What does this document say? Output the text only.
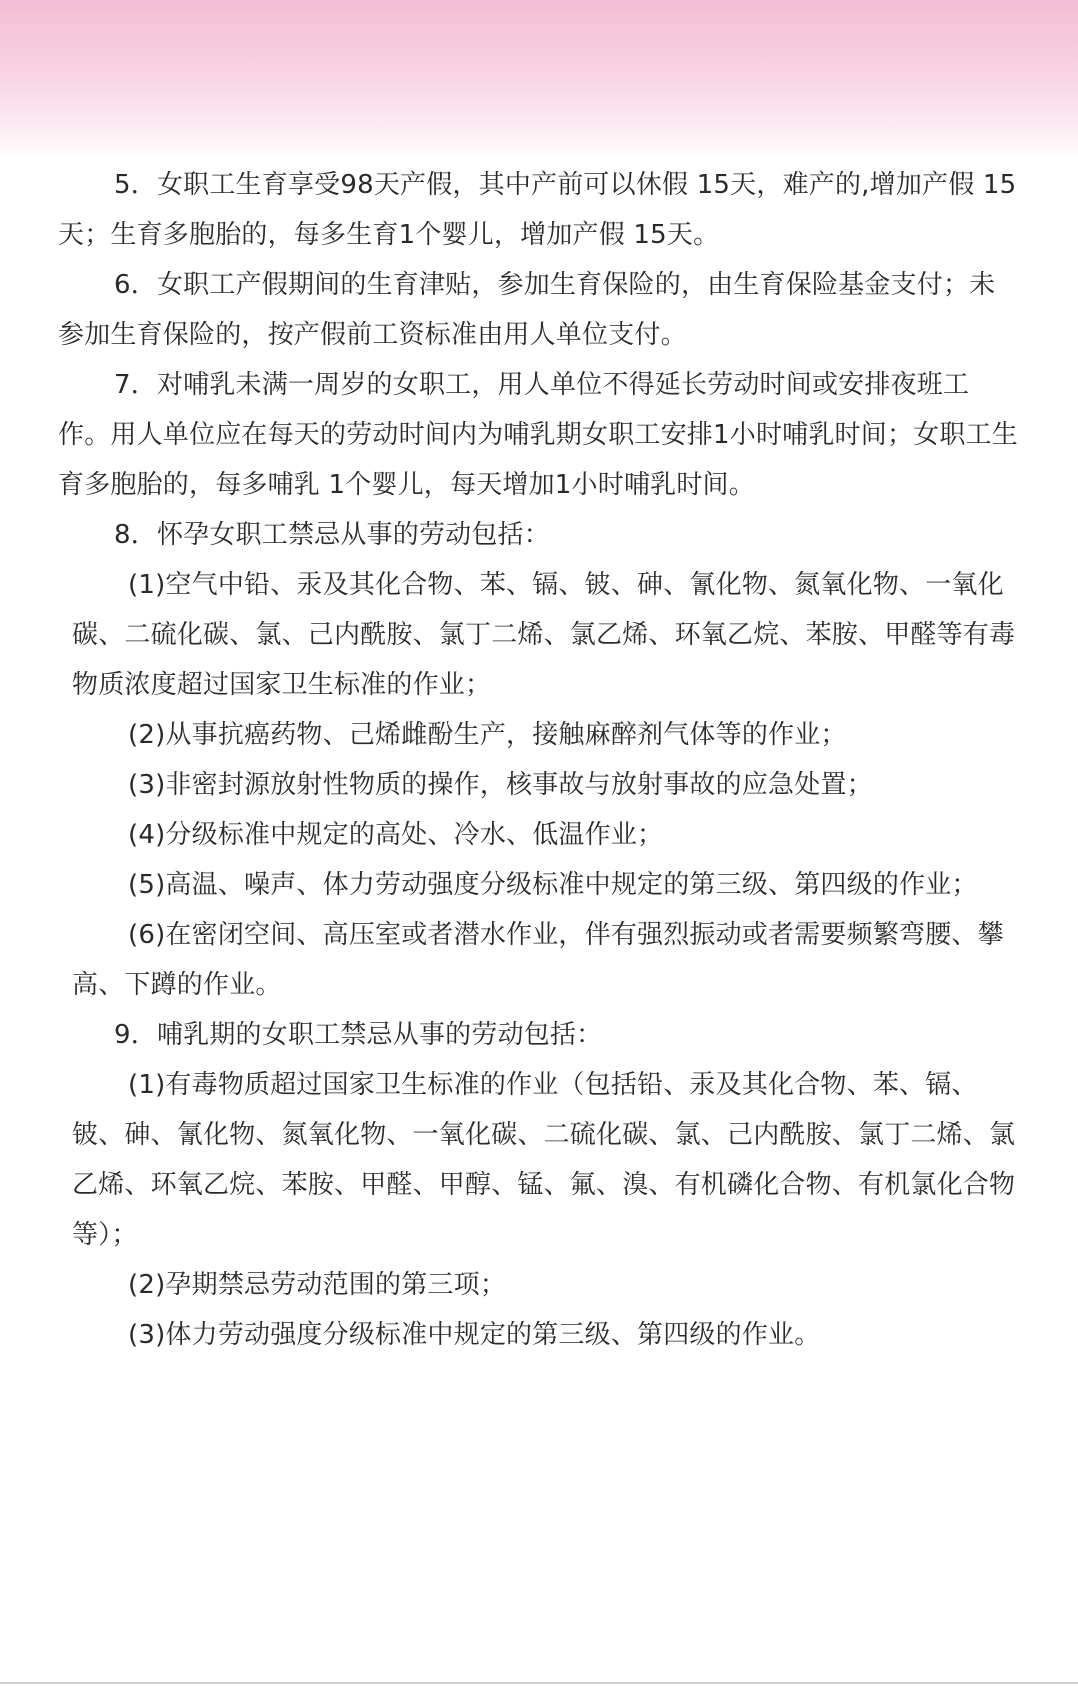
5．女职工生育享受98天产假，其中产前可以休假 15天，难产的,增加产假 15天；生育多胞胎的，每多生育1个婴儿，增加产假 15天。

6．女职工产假期间的生育津贴，参加生育保险的，由生育保险基金支付；未参加生育保险的，按产假前工资标准由用人单位支付。

7．对哺乳未满一周岁的女职工，用人单位不得延长劳动时间或安排夜班工作。用人单位应在每天的劳动时间内为哺乳期女职工安排1小时哺乳时间；女职工生育多胞胎的，每多哺乳 1个婴儿，每天增加1小时哺乳时间。

8．怀孕女职工禁忌从事的劳动包括：

(1)空气中铅、汞及其化合物、苯、镉、铍、砷、氰化物、氮氧化物、一氧化碳、二硫化碳、氯、己内酰胺、氯丁二烯、氯乙烯、环氧乙烷、苯胺、甲醛等有毒物质浓度超过国家卫生标准的作业；

(2)从事抗癌药物、己烯雌酚生产，接触麻醉剂气体等的作业；

(3)非密封源放射性物质的操作，核事故与放射事故的应急处置；

(4)分级标准中规定的高处、冷水、低温作业；

(5)高温、噪声、体力劳动强度分级标准中规定的第三级、第四级的作业；

(6)在密闭空间、高压室或者潜水作业，伴有强烈振动或者需要频繁弯腰、攀高、下蹲的作业。

9．哺乳期的女职工禁忌从事的劳动包括：

(1)有毒物质超过国家卫生标准的作业（包括铅、汞及其化合物、苯、镉、铍、砷、氰化物、氮氧化物、一氧化碳、二硫化碳、氯、己内酰胺、氯丁二烯、氯乙烯、环氧乙烷、苯胺、甲醛、甲醇、锰、氟、溴、有机磷化合物、有机氯化合物等）；

(2)孕期禁忌劳动范围的第三项；

(3)体力劳动强度分级标准中规定的第三级、第四级的作业。
